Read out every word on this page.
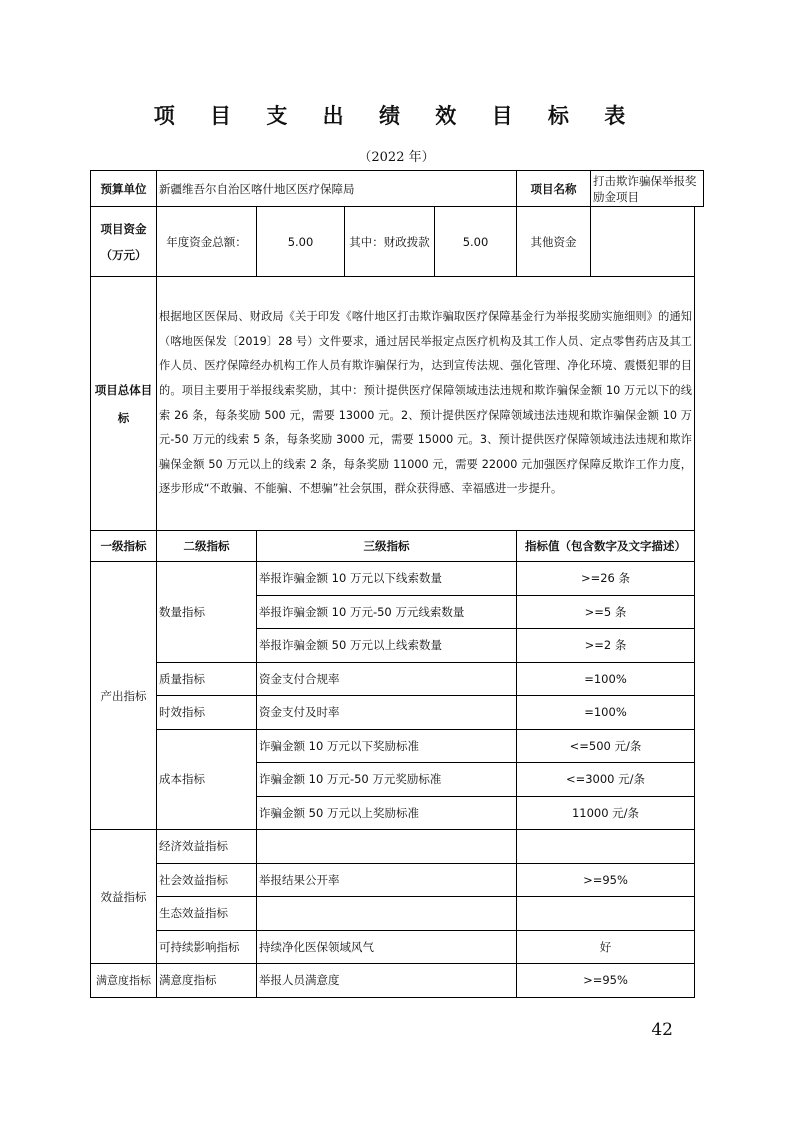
项 目 支 出 绩 效 目 标 表
（2022 年）
预算单位	新疆维吾尔自治区喀什地区医疗保障局				项目名称	打击欺诈骗保举报奖励金项目
项目资金
（万元）	年度资金总额：	5.00	其中：财政拨款	5.00	其他资金	
项目总体目标	根据地区医保局、财政局《关于印发《喀什地区打击欺诈骗取医疗保障基金行为举报奖励实施细则》的通知（喀地医保发〔2019〕28 号）文件要求，通过居民举报定点医疗机构及其工作人员、定点零售药店及其工作人员、医疗保障经办机构工作人员有欺诈骗保行为，达到宣传法规、强化管理、净化环境、震慑犯罪的目的。项目主要用于举报线索奖励，其中：预计提供医疗保障领域违法违规和欺诈骗保金额 10 万元以下的线索 26 条，每条奖励 500 元，需要 13000 元。2、预计提供医疗保障领域违法违规和欺诈骗保金额 10 万元-50 万元的线索 5 条，每条奖励 3000 元，需要 15000 元。3、预计提供医疗保障领域违法违规和欺诈骗保金额 50 万元以上的线索 2 条，每条奖励 11000 元，需要 22000 元加强医疗保障反欺诈工作力度，逐步形成“不敢骗、不能骗、不想骗”社会氛围，群众获得感、幸福感进一步提升。					
一级指标	二级指标	三级指标			指标值（包含数字及文字描述）	
产出指标	数量指标	举报诈骗金额 10 万元以下线索数量			>=26 条	
		举报诈骗金额 10 万元-50 万元线索数量			>=5 条	
		举报诈骗金额 50 万元以上线索数量			>=2 条	
	质量指标	资金支付合规率			=100%	
	时效指标	资金支付及时率			=100%	
	成本指标	诈骗金额 10 万元以下奖励标准			<=500 元/条	
		诈骗金额 10 万元-50 万元奖励标准			<=3000 元/条	
		诈骗金额 50 万元以上奖励标准			11000 元/条	
效益指标	经济效益指标					
	社会效益指标	举报结果公开率			>=95%	
	生态效益指标					
	可持续影响指标	持续净化医保领域风气			好	
满意度指标	满意度指标	举报人员满意度			>=95%	
42
